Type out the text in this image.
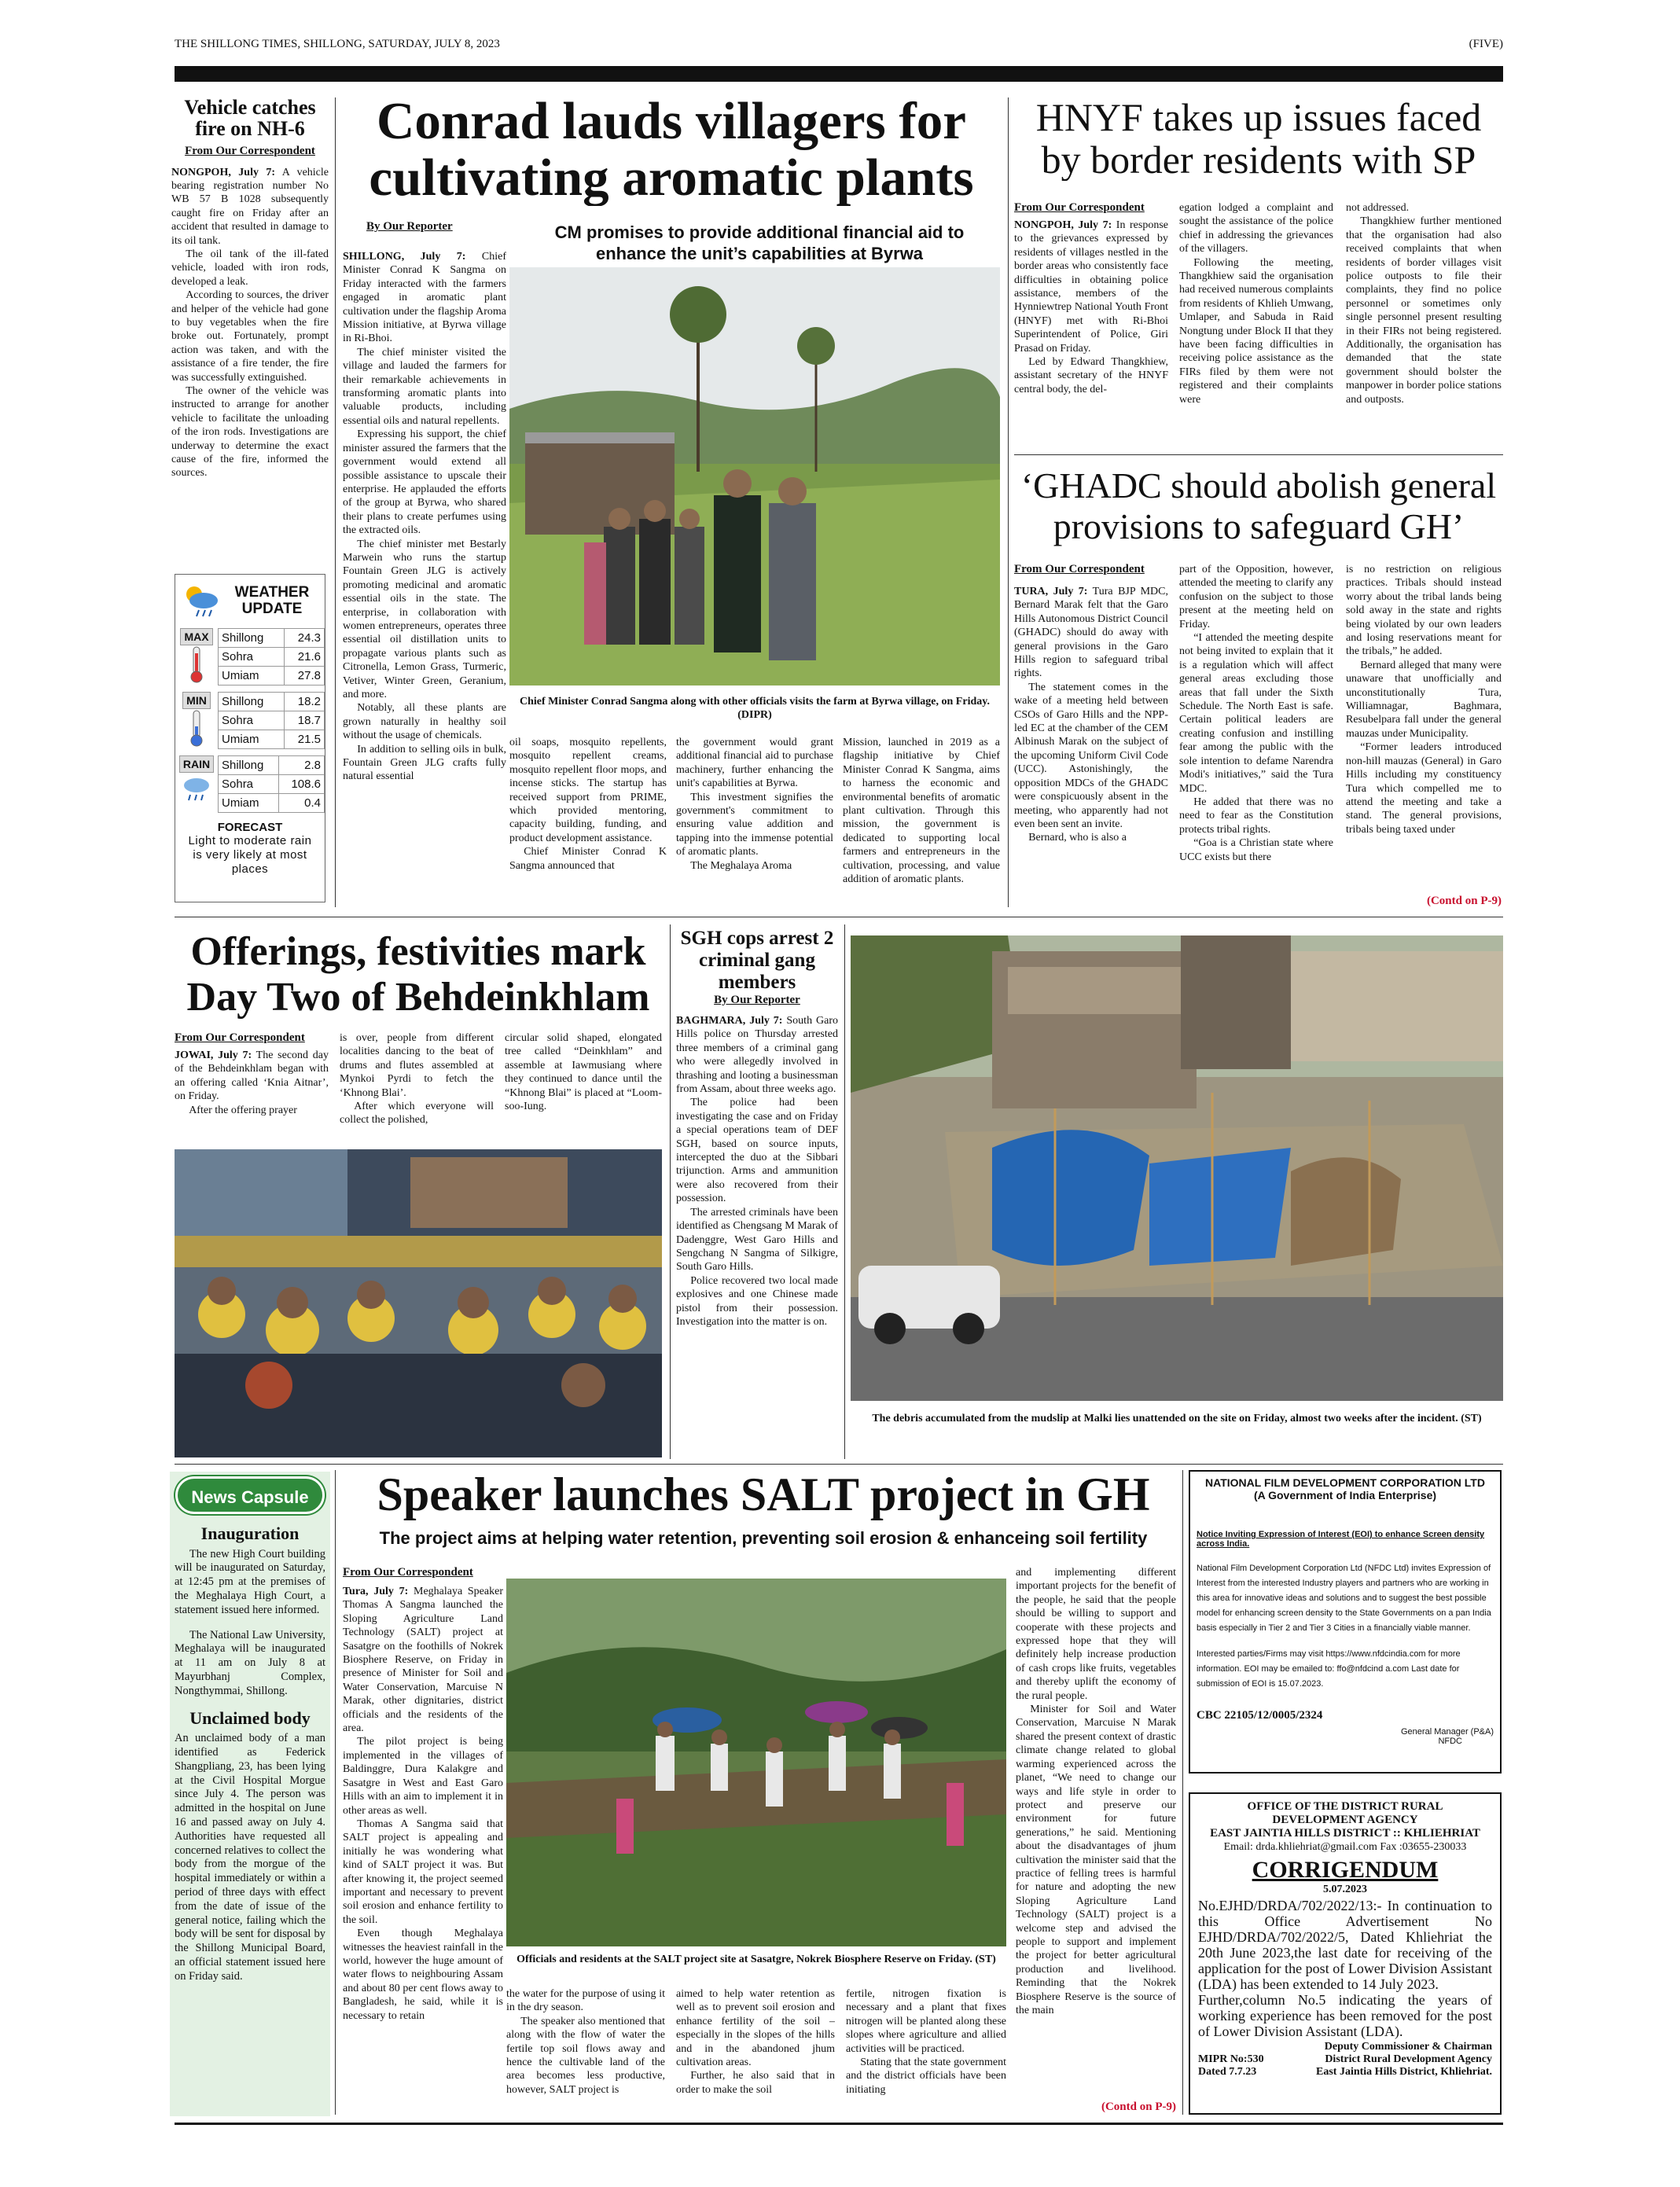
THE SHILLONG TIMES, SHILLONG, SATURDAY, JULY 8, 2023	(FIVE)
Vehicle catches fire on NH-6
From Our Correspondent

NONGPOH, July 7: A vehicle bearing registration number No WB 57 B 1028 subsequently caught fire on Friday after an accident that resulted in damage to its oil tank.

The oil tank of the ill-fated vehicle, loaded with iron rods, developed a leak.

According to sources, the driver and helper of the vehicle had gone to buy vegetables when the fire broke out. Fortunately, prompt action was taken, and with the assistance of a fire tender, the fire was successfully extinguished.

The owner of the vehicle was instructed to arrange for another vehicle to facilitate the unloading of the iron rods. Investigations are underway to determine the exact cause of the fire, informed the sources.

WEATHER UPDATE
MAX	Shillong	24.3
Sohra	21.6
Umiam	27.8
MIN	Shillong	18.2
Sohra	18.7
Umiam	21.5
RAIN Shillong	2.8
Sohra	108.6
Umiam	0.4
FORECAST
Light to moderate rain is very likely at most places
Conrad lauds villagers for cultivating aromatic plants
By Our Reporter	CM promises to provide additional financial aid to enhance the unit’s capabilities at Byrwa

SHILLONG, July 7: Chief Minister Conrad K Sangma on Friday interacted with the farmers engaged in aromatic plant cultivation under the flagship Aroma Mission initiative, at Byrwa village in Ri-Bhoi.

The chief minister visited the village and lauded the farmers for their remarkable achievements in transforming aromatic plants into valuable products, including essential oils and natural repellents.

Expressing his support, the chief minister assured the farmers that the government would extend all possible assistance to upscale their enterprise. He applauded the efforts of the group at Byrwa, who shared their plans to create perfumes using the extracted oils.

The chief minister met Bestarly Marwein who runs the startup Fountain Green JLG is actively promoting medicinal and aromatic essential oils in the state. The enterprise, in collaboration with women entrepreneurs, operates three essential oil distillation units to propagate various plants such as Citronella, Lemon Grass, Turmeric, Vetiver, Winter Green, Geranium, and more.

Notably, all these plants are grown naturally in healthy soil without the usage of chemicals.

In addition to selling oils in bulk, Fountain Green JLG crafts fully natural essential

Chief Minister Conrad Sangma along with other officials visits the farm at Byrwa village, on Friday. (DIPR)

oil soaps, mosquito repellents, mosquito repellent creams, mosquito repellent floor mops, and incense sticks. The startup has received support from PRIME, which provided mentoring, capacity building, funding, and product development assistance.

Chief Minister Conrad K Sangma announced that

the government would grant additional financial aid to purchase machinery, further enhancing the unit's capabilities at Byrwa.

This investment signifies the government's commitment to ensuring value addition and tapping into the immense potential of aromatic plants.

The Meghalaya Aroma

Mission, launched in 2019 as a flagship initiative by Chief Minister Conrad K Sangma, aims to harness the economic and environmental benefits of aromatic plant cultivation. Through this mission, the government is dedicated to supporting local farmers and entrepreneurs in the cultivation, processing, and value addition of aromatic plants.

HNYF takes up issues faced by border residents with SP
From Our Correspondent

NONGPOH, July 7: In response to the grievances expressed by residents of villages nestled in the border areas who consistently face difficulties in obtaining police assistance, members of the Hynniewtrep National Youth Front (HNYF) met with Ri-Bhoi Superintendent of Police, Giri Prasad on Friday.

Led by Edward Thangkhiew, assistant secretary of the HNYF central body, the del-

egation lodged a complaint and sought the assistance of the police chief in addressing the grievances of the villagers.

Following the meeting, Thangkhiew said the organisation had received numerous complaints from residents of Khlieh Umwang, Umlaper, and Sabuda in Raid Nongtung under Block II that they have been facing difficulties in receiving police assistance as the FIRs filed by them were not registered and their complaints were

not addressed.

Thangkhiew further mentioned that the organisation had also received complaints that when residents of border villages visit police outposts to file their complaints, they find no police personnel or sometimes only single personnel present resulting in their FIRs not being registered. Additionally, the organisation has demanded that the state government should bolster the manpower in border police stations and outposts.

‘GHADC should abolish general provisions to safeguard GH’
From Our Correspondent

TURA, July 7: Tura BJP MDC, Bernard Marak felt that the Garo Hills Autonomous District Council (GHADC) should do away with general provisions in the Garo Hills region to safeguard tribal rights.

The statement comes in the wake of a meeting held between CSOs of Garo Hills and the NPP-led EC at the chamber of the CEM Albinush Marak on the subject of the upcoming Uniform Civil Code (UCC). Astonishingly, the opposition MDCs of the GHADC were conspicuously absent in the meeting, who apparently had not even been sent an invite.

Bernard, who is also a

part of the Opposition, however, attended the meeting to clarify any confusion on the subject to those present at the meeting held on Friday.

“I attended the meeting despite not being invited to explain that it is a regulation which will affect general areas excluding those areas that fall under the Sixth Schedule. The North East is safe. Certain political leaders are creating confusion and instilling fear among the public with the sole intention to defame Narendra Modi's initiatives,” said the Tura MDC.

He added that there was no need to fear as the Constitution protects tribal rights.

“Goa is a Christian state where UCC exists but there

is no restriction on religious practices. Tribals should instead worry about the tribal lands being sold away in the state and rights being violated by our own leaders and losing reservations meant for the tribals,” he added.

Bernard alleged that many were unaware that unofficially and unconstitutionally Tura, Williamnagar, Baghmara, Resubelpara fall under the general mauzas under Municipality.

“Former leaders introduced non-hill mauzas (General) in Garo Hills including my constituency Tura which compelled me to attend the meeting and take a stand. The general provisions, tribals being taxed under

(Contd on P-9)
Offerings, festivities mark Day Two of Behdeinkhlam
From Our Correspondent

JOWAI, July 7: The second day of the Behdeinkhlam began with an offering called ‘Knia Aitnar’, on Friday.

After the offering prayer

is over, people from different localities dancing to the beat of drums and flutes assembled at Mynkoi Pyrdi to fetch the ‘Khnong Blai’.

After which everyone will collect the polished,

circular solid shaped, elongated tree called “Deinkhlam” and assemble at Iawmusiang where they continued to dance until the “Khnong Blai” is placed at “Loom-soo-Iung.

SGH cops arrest 2 criminal gang members
By Our Reporter

BAGHMARA, July 7: South Garo Hills police on Thursday arrested three members of a criminal gang who were allegedly involved in thrashing and looting a businessman from Assam, about three weeks ago.

The police had been investigating the case and on Friday a special operations team of DEF SGH, based on source inputs, intercepted the duo at the Sibbari trijunction. Arms and ammunition were also recovered from their possession.

The arrested criminals have been identified as Chengsang M Marak of Dadenggre, West Garo Hills and Sengchang N Sangma of Silkigre, South Garo Hills.

Police recovered two local made explosives and one Chinese made pistol from their possession. Investigation into the matter is on.

The debris accumulated from the mudslip at Malki lies unattended on the site on Friday, almost two weeks after the incident. (ST)
News Capsule
Inauguration

The new High Court building will be inaugurated on Saturday, at 12:45 pm at the premises of the Meghalaya High Court, a statement issued here informed.

The National Law University, Meghalaya will be inaugurated at 11 am on July 8 at Mayurbhanj Complex, Nongthymmai, Shillong.

Unclaimed body

An unclaimed body of a man identified as Federick Shangpliang, 23, has been lying at the Civil Hospital Morgue since July 4. The person was admitted in the hospital on June 16 and passed away on July 4. Authorities have requested all concerned relatives to collect the body from the morgue of the hospital immediately or within a period of three days with effect from the date of issue of the general notice, failing which the body will be sent for disposal by the Shillong Municipal Board, an official statement issued here on Friday said.

Speaker launches SALT project in GH
The project aims at helping water retention, preventing soil erosion & enhanceing soil fertility
From Our Correspondent

Tura, July 7: Meghalaya Speaker Thomas A Sangma launched the Sloping Agriculture Land Technology (SALT) project at Sasatgre on the foothills of Nokrek Biosphere Reserve, on Friday in presence of Minister for Soil and Water Conservation, Marcuise N Marak, other dignitaries, district officials and the residents of the area.

The pilot project is being implemented in the villages of Baldinggre, Dura Kalakgre and Sasatgre in West and East Garo Hills with an aim to implement it in other areas as well.

Thomas A Sangma said that SALT project is appealing and initially he was wondering what kind of SALT project it was. But after knowing it, the project seemed important and necessary to prevent soil erosion and enhance fertility to the soil.

Even though Meghalaya witnesses the heaviest rainfall in the world, however the huge amount of water flows to neighbouring Assam and about 80 per cent flows away to Bangladesh, he said, while it is necessary to retain

Officials and residents at the SALT project site at Sasatgre, Nokrek Biosphere Reserve on Friday. (ST)

the water for the purpose of using it in the dry season.

The speaker also mentioned that along with the flow of water the fertile top soil flows away and hence the cultivable land of the area becomes less productive, however, SALT project is

aimed to help water retention as well as to prevent soil erosion and enhance fertility of the soil – especially in the slopes of the hills and in the abandoned jhum cultivation areas.

Further, he also said that in order to make the soil

fertile, nitrogen fixation is necessary and a plant that fixes nitrogen will be planted along these slopes where agriculture and allied activities will be practiced.

Stating that the state government and the district officials have been initiating

and implementing different important projects for the benefit of the people, he said that the people should be willing to support and cooperate with these projects and expressed hope that they will definitely help increase production of cash crops like fruits, vegetables and thereby uplift the economy of the rural people.

Minister for Soil and Water Conservation, Marcuise N Marak shared the present context of drastic climate change related to global warming experienced across the planet, “We need to change our ways and life style in order to protect and preserve our environment for future generations,” he said. Mentioning about the disadvantages of jhum cultivation the minister said that the practice of felling trees is harmful for nature and adopting the new Sloping Agriculture Land Technology (SALT) project is a welcome step and advised the people to support and implement the project for better agricultural production and livelihood. Reminding that the Nokrek Biosphere Reserve is the source of the main

(Contd on P-9)
NATIONAL FILM DEVELOPMENT CORPORATION LTD
(A Government of India Enterprise)
Notice Inviting Expression of Interest (EOI) to enhance Screen density across India.
National Film Development Corporation Ltd (NFDC Ltd) invites Expression of Interest from the interested Industry players and partners who are working in this area for innovative ideas and solutions and to suggest the best possible model for enhancing screen density to the State Governments on a pan India basis especially in Tier 2 and Tier 3 Cities in a financially viable manner.
Interested parties/Firms may visit https://www.nfdcindia.com for more information. EOI may be emailed to: ffo@nfdcind a.com Last date for submission of EOI is 15.07.2023.
CBC 22105/12/0005/2324
General Manager (P&A)
NFDC
OFFICE OF THE DISTRICT RURAL
DEVELOPMENT AGENCY
EAST JAINTIA HILLS DISTRICT :: KHLIEHRIAT
Email: drda.khliehriat@gmail.com Fax :03655-230033
CORRIGENDUM
5.07.2023
No.EJHD/DRDA/702/2022/13:- In continuation to this Office Advertisement No EJHD/DRDA/702/2022/5, Dated Khliehriat the 20th June 2023,the last date for receiving of the application for the post of Lower Division Assistant (LDA) has been extended to 14 July 2023.
Further,column No.5 indicating the years of working experience has been removed for the post of Lower Division Assistant (LDA).
Deputy Commissioner & Chairman
MIPR No:530	District Rural Development Agency
Dated 7.7.23	East Jaintia Hills District, Khliehriat.
